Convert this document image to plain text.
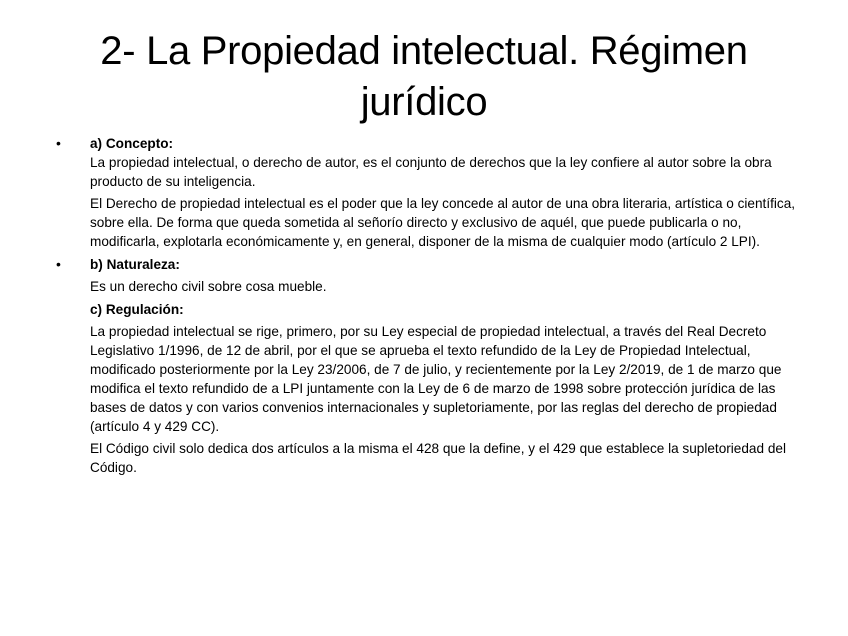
2- La Propiedad intelectual. Régimen jurídico
•	a) Concepto:

La propiedad intelectual, o derecho de autor, es el conjunto de derechos que la ley confiere al autor sobre la obra producto de su inteligencia.

El Derecho de propiedad intelectual es el poder que la ley concede al autor de una obra literaria, artística o científica, sobre ella. De forma que queda sometida al señorío directo y exclusivo de aquél, que puede publicarla o no, modificarla, explotarla económicamente y, en general, disponer de la misma de cualquier modo (artículo 2 LPI).

•	b) Naturaleza:

Es un derecho civil sobre cosa mueble.

c) Regulación:

La propiedad intelectual se rige, primero, por su Ley especial de propiedad intelectual, a través del Real Decreto Legislativo 1/1996, de 12 de abril, por el que se aprueba el texto refundido de la Ley de Propiedad Intelectual, modificado posteriormente por la Ley 23/2006, de 7 de julio, y recientemente por la Ley 2/2019, de 1 de marzo que modifica el texto refundido de a LPI juntamente con la Ley de 6 de marzo de 1998 sobre protección jurídica de las bases de datos y con varios convenios internacionales y supletoriamente, por las reglas del derecho de propiedad (artículo 4 y 429 CC).

El Código civil solo dedica dos artículos a la misma el 428 que la define, y el 429 que establece la supletoriedad del Código.
